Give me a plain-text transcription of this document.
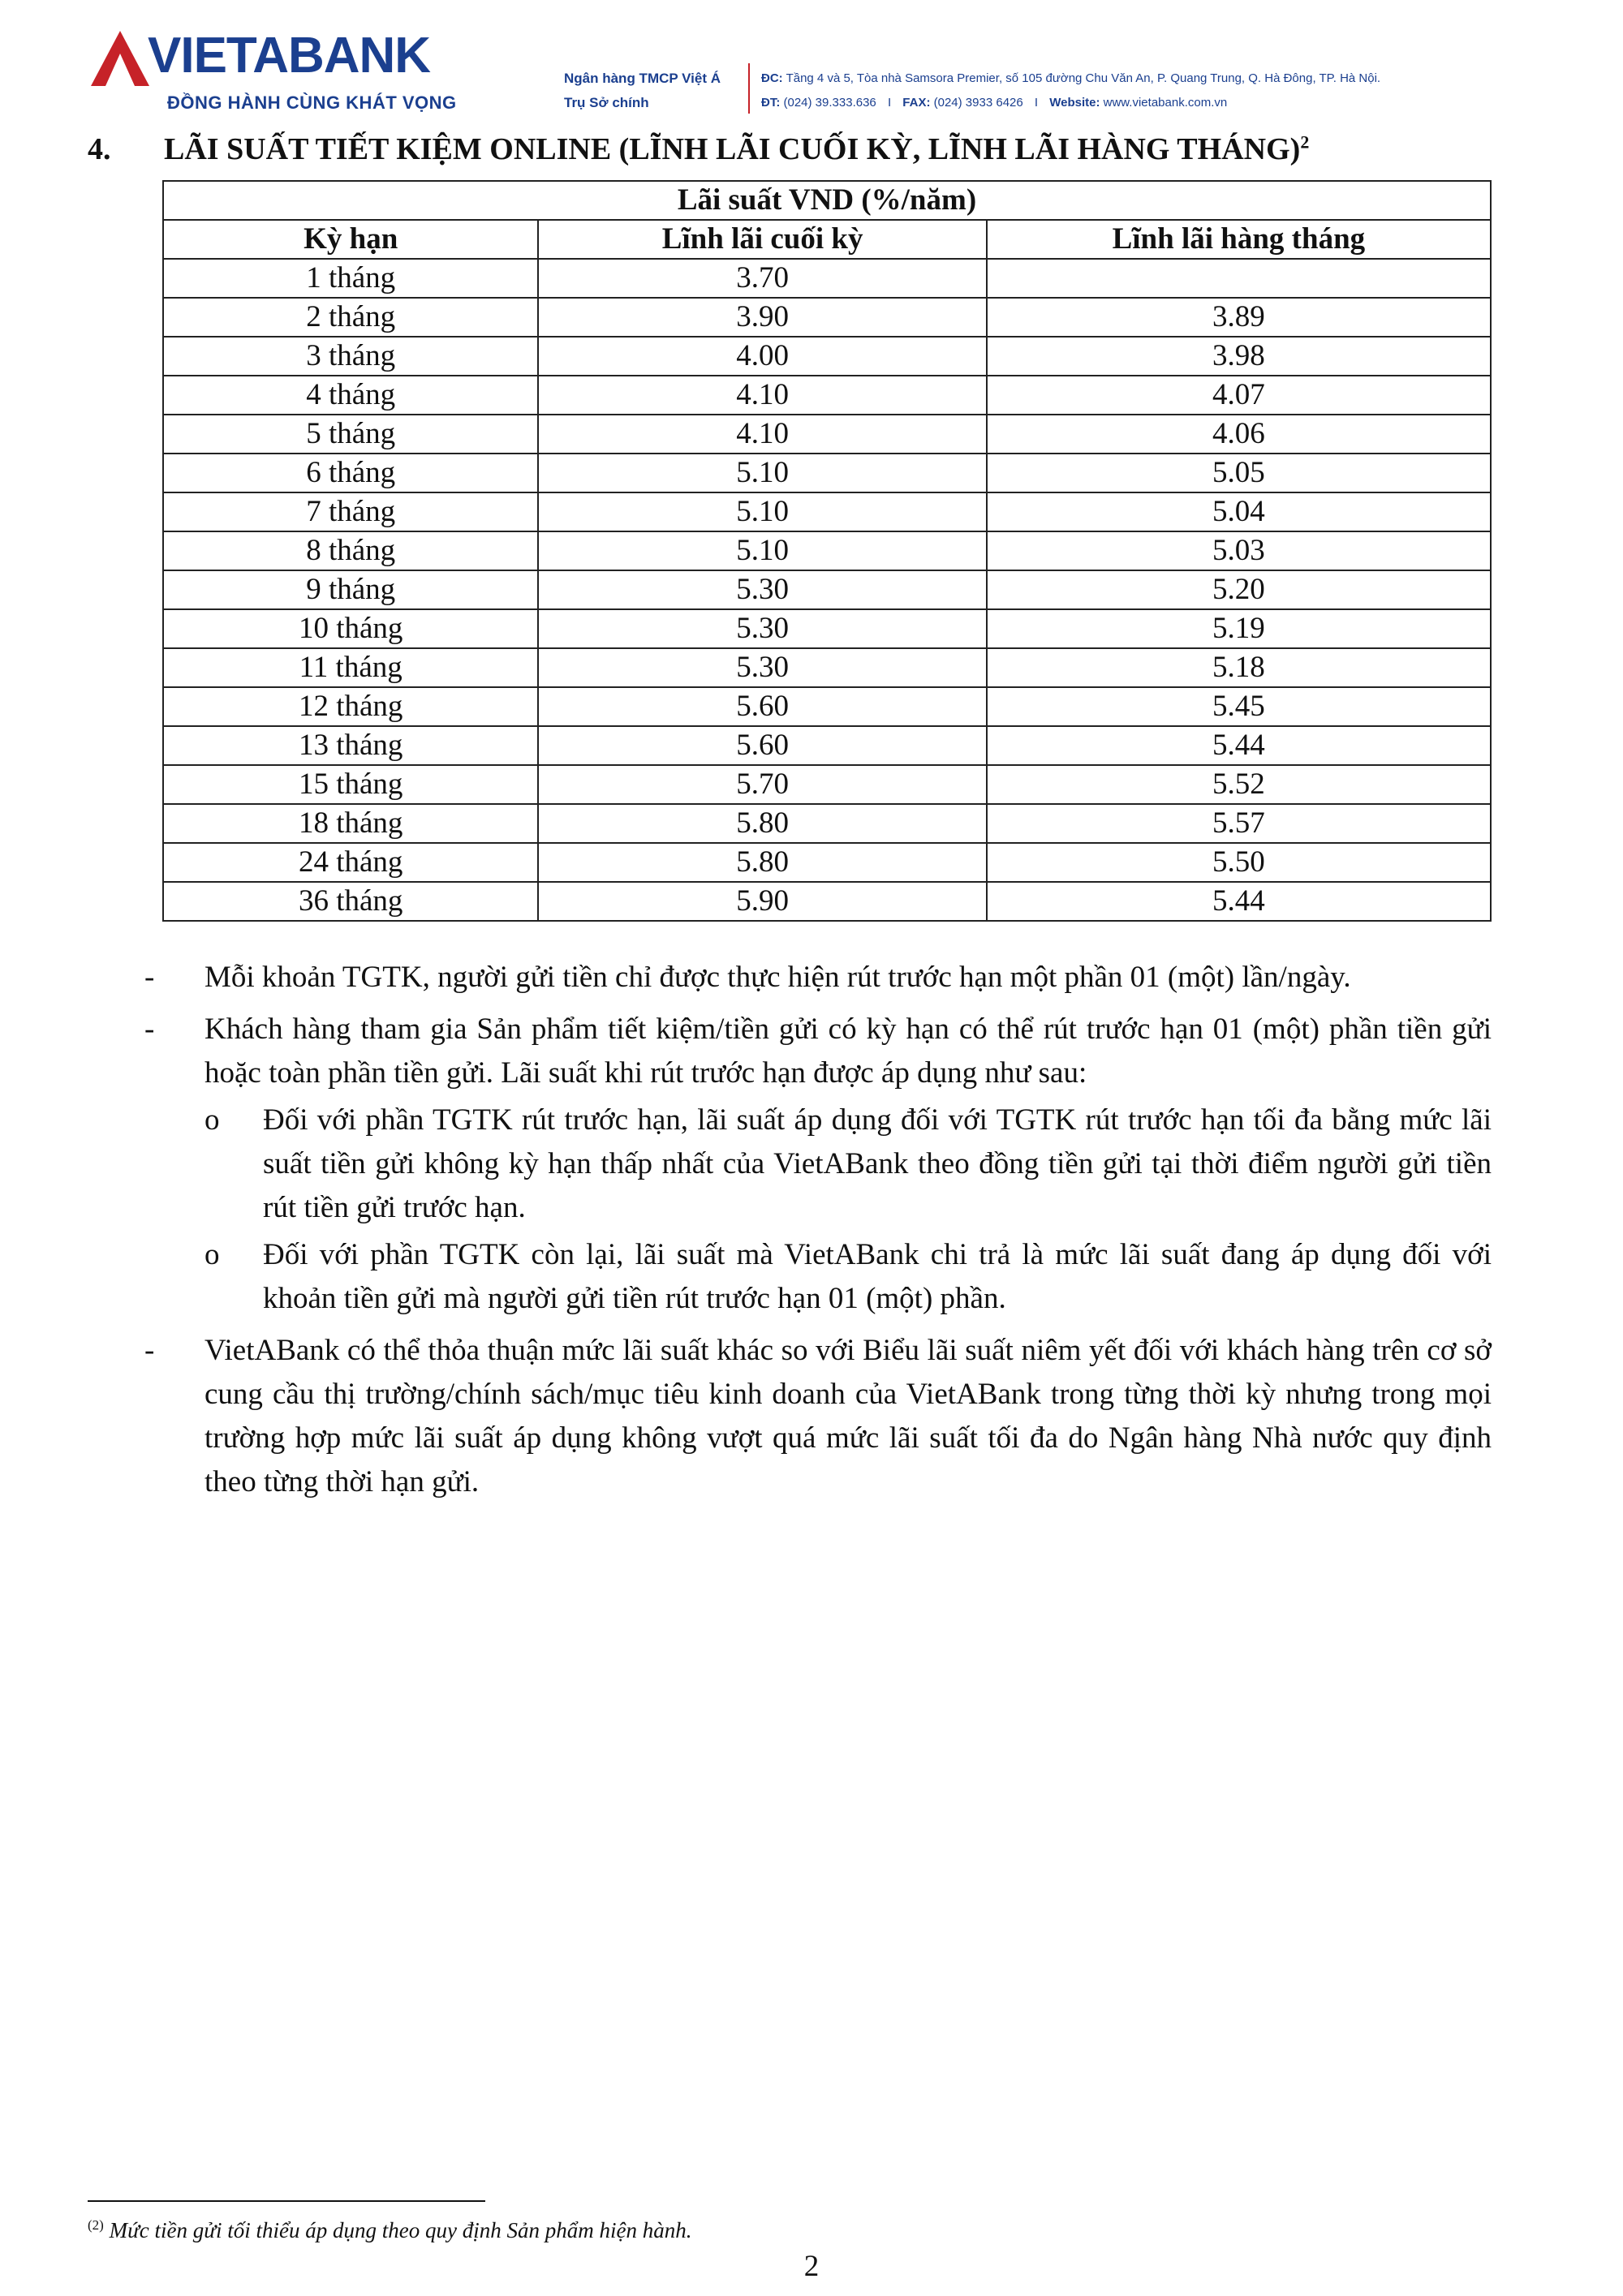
VIETABANK
ĐỒNG HÀNH CÙNG KHÁT VỌNG
Ngân hàng TMCP Việt Á
Trụ Sở chính
ĐC: Tầng 4 và 5, Tòa nhà Samsora Premier, số 105 đường Chu Văn An, P. Quang Trung, Q. Hà Đông, TP. Hà Nội.
ĐT: (024) 39.333.636 I FAX: (024) 3933 6426 I Website: www.vietabank.com.vn
4. LÃI SUẤT TIẾT KIỆM ONLINE (LĨNH LÃI CUỐI KỲ, LĨNH LÃI HÀNG THÁNG)$^2$
Lãi suất VND (%/năm)		
Kỳ hạn	Lĩnh lãi cuối kỳ	Lĩnh lãi hàng tháng
1 tháng	3.70	
2 tháng	3.90	3.89
3 tháng	4.00	3.98
4 tháng	4.10	4.07
5 tháng	4.10	4.06
6 tháng	5.10	5.05
7 tháng	5.10	5.04
8 tháng	5.10	5.03
9 tháng	5.30	5.20
10 tháng	5.30	5.19
11 tháng	5.30	5.18
12 tháng	5.60	5.45
13 tháng	5.60	5.44
15 tháng	5.70	5.52
18 tháng	5.80	5.57
24 tháng	5.80	5.50
36 tháng	5.90	5.44
- Mỗi khoản TGTK, người gửi tiền chỉ được thực hiện rút trước hạn một phần 01 (một) lần/ngày.
- Khách hàng tham gia Sản phẩm tiết kiệm/tiền gửi có kỳ hạn có thể rút trước hạn 01 (một) phần tiền gửi hoặc toàn phần tiền gửi. Lãi suất khi rút trước hạn được áp dụng như sau:
o Đối với phần TGTK rút trước hạn, lãi suất áp dụng đối với TGTK rút trước hạn tối đa bằng mức lãi suất tiền gửi không kỳ hạn thấp nhất của VietABank theo đồng tiền gửi tại thời điểm người gửi tiền rút tiền gửi trước hạn.
o Đối với phần TGTK còn lại, lãi suất mà VietABank chi trả là mức lãi suất đang áp dụng đối với khoản tiền gửi mà người gửi tiền rút trước hạn 01 (một) phần.
- VietABank có thể thỏa thuận mức lãi suất khác so với Biểu lãi suất niêm yết đối với khách hàng trên cơ sở cung cầu thị trường/chính sách/mục tiêu kinh doanh của VietABank trong từng thời kỳ nhưng trong mọi trường hợp mức lãi suất áp dụng không vượt quá mức lãi suất tối đa do Ngân hàng Nhà nước quy định theo từng thời hạn gửi.
$^{(2)}$ Mức tiền gửi tối thiểu áp dụng theo quy định Sản phẩm hiện hành.
2
